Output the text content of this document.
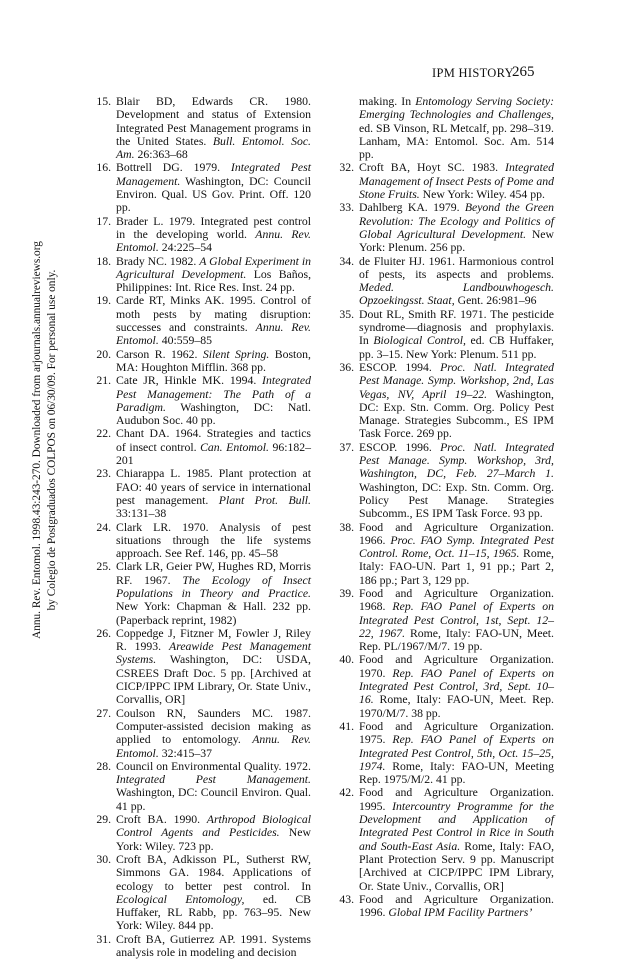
IPM HISTORY
265
Annu. Rev. Entomol. 1998.43:243-270. Downloaded from arjournals.annualreviews.org by Colegio de Postgraduados COLPOS on 06/30/09. For personal use only.
15. Blair BD, Edwards CR. 1980. Development and status of Extension Integrated Pest Management programs in the United States. Bull. Entomol. Soc. Am. 26:363–68
16. Bottrell DG. 1979. Integrated Pest Management. Washington, DC: Council Environ. Qual. US Gov. Print. Off. 120 pp.
17. Brader L. 1979. Integrated pest control in the developing world. Annu. Rev. Entomol. 24:225–54
18. Brady NC. 1982. A Global Experiment in Agricultural Development. Los Baños, Philippines: Int. Rice Res. Inst. 24 pp.
19. Carde RT, Minks AK. 1995. Control of moth pests by mating disruption: successes and constraints. Annu. Rev. Entomol. 40:559–85
20. Carson R. 1962. Silent Spring. Boston, MA: Houghton Mifflin. 368 pp.
21. Cate JR, Hinkle MK. 1994. Integrated Pest Management: The Path of a Paradigm. Washington, DC: Natl. Audubon Soc. 40 pp.
22. Chant DA. 1964. Strategies and tactics of insect control. Can. Entomol. 96:182–201
23. Chiarappa L. 1985. Plant protection at FAO: 40 years of service in international pest management. Plant Prot. Bull. 33:131–38
24. Clark LR. 1970. Analysis of pest situations through the life systems approach. See Ref. 146, pp. 45–58
25. Clark LR, Geier PW, Hughes RD, Morris RF. 1967. The Ecology of Insect Populations in Theory and Practice. New York: Chapman & Hall. 232 pp. (Paperback reprint, 1982)
26. Coppedge J, Fitzner M, Fowler J, Riley R. 1993. Areawide Pest Management Systems. Washington, DC: USDA, CSREES Draft Doc. 5 pp. [Archived at CICP/IPPC IPM Library, Or. State Univ., Corvallis, OR]
27. Coulson RN, Saunders MC. 1987. Computer-assisted decision making as applied to entomology. Annu. Rev. Entomol. 32:415–37
28. Council on Environmental Quality. 1972. Integrated Pest Management. Washington, DC: Council Environ. Qual. 41 pp.
29. Croft BA. 1990. Arthropod Biological Control Agents and Pesticides. New York: Wiley. 723 pp.
30. Croft BA, Adkisson PL, Sutherst RW, Simmons GA. 1984. Applications of ecology to better pest control. In Ecological Entomology, ed. CB Huffaker, RL Rabb, pp. 763–95. New York: Wiley. 844 pp.
31. Croft BA, Gutierrez AP. 1991. Systems analysis role in modeling and decision
making. In Entomology Serving Society: Emerging Technologies and Challenges, ed. SB Vinson, RL Metcalf, pp. 298–319. Lanham, MA: Entomol. Soc. Am. 514 pp.
32. Croft BA, Hoyt SC. 1983. Integrated Management of Insect Pests of Pome and Stone Fruits. New York: Wiley. 454 pp.
33. Dahlberg KA. 1979. Beyond the Green Revolution: The Ecology and Politics of Global Agricultural Development. New York: Plenum. 256 pp.
34. de Fluiter HJ. 1961. Harmonious control of pests, its aspects and problems. Meded. Landbouwhogesch. Opzoekingsst. Staat, Gent. 26:981–96
35. Dout RL, Smith RF. 1971. The pesticide syndrome—diagnosis and prophylaxis. In Biological Control, ed. CB Huffaker, pp. 3–15. New York: Plenum. 511 pp.
36. ESCOP. 1994. Proc. Natl. Integrated Pest Manage. Symp. Workshop, 2nd, Las Vegas, NV, April 19–22. Washington, DC: Exp. Stn. Comm. Org. Policy Pest Manage. Strategies Subcomm., ES IPM Task Force. 269 pp.
37. ESCOP. 1996. Proc. Natl. Integrated Pest Manage. Symp. Workshop, 3rd, Washington, DC, Feb. 27–March 1. Washington, DC: Exp. Stn. Comm. Org. Policy Pest Manage. Strategies Subcomm., ES IPM Task Force. 93 pp.
38. Food and Agriculture Organization. 1966. Proc. FAO Symp. Integrated Pest Control. Rome, Oct. 11–15, 1965. Rome, Italy: FAO-UN. Part 1, 91 pp.; Part 2, 186 pp.; Part 3, 129 pp.
39. Food and Agriculture Organization. 1968. Rep. FAO Panel of Experts on Integrated Pest Control, 1st, Sept. 12–22, 1967. Rome, Italy: FAO-UN, Meet. Rep. PL/1967/M/7. 19 pp.
40. Food and Agriculture Organization. 1970. Rep. FAO Panel of Experts on Integrated Pest Control, 3rd, Sept. 10–16. Rome, Italy: FAO-UN, Meet. Rep. 1970/M/7. 38 pp.
41. Food and Agriculture Organization. 1975. Rep. FAO Panel of Experts on Integrated Pest Control, 5th, Oct. 15–25, 1974. Rome, Italy: FAO-UN, Meeting Rep. 1975/M/2. 41 pp.
42. Food and Agriculture Organization. 1995. Intercountry Programme for the Development and Application of Integrated Pest Control in Rice in South and South-East Asia. Rome, Italy: FAO, Plant Protection Serv. 9 pp. Manuscript [Archived at CICP/IPPC IPM Library, Or. State Univ., Corvallis, OR]
43. Food and Agriculture Organization. 1996. Global IPM Facility Partners’
